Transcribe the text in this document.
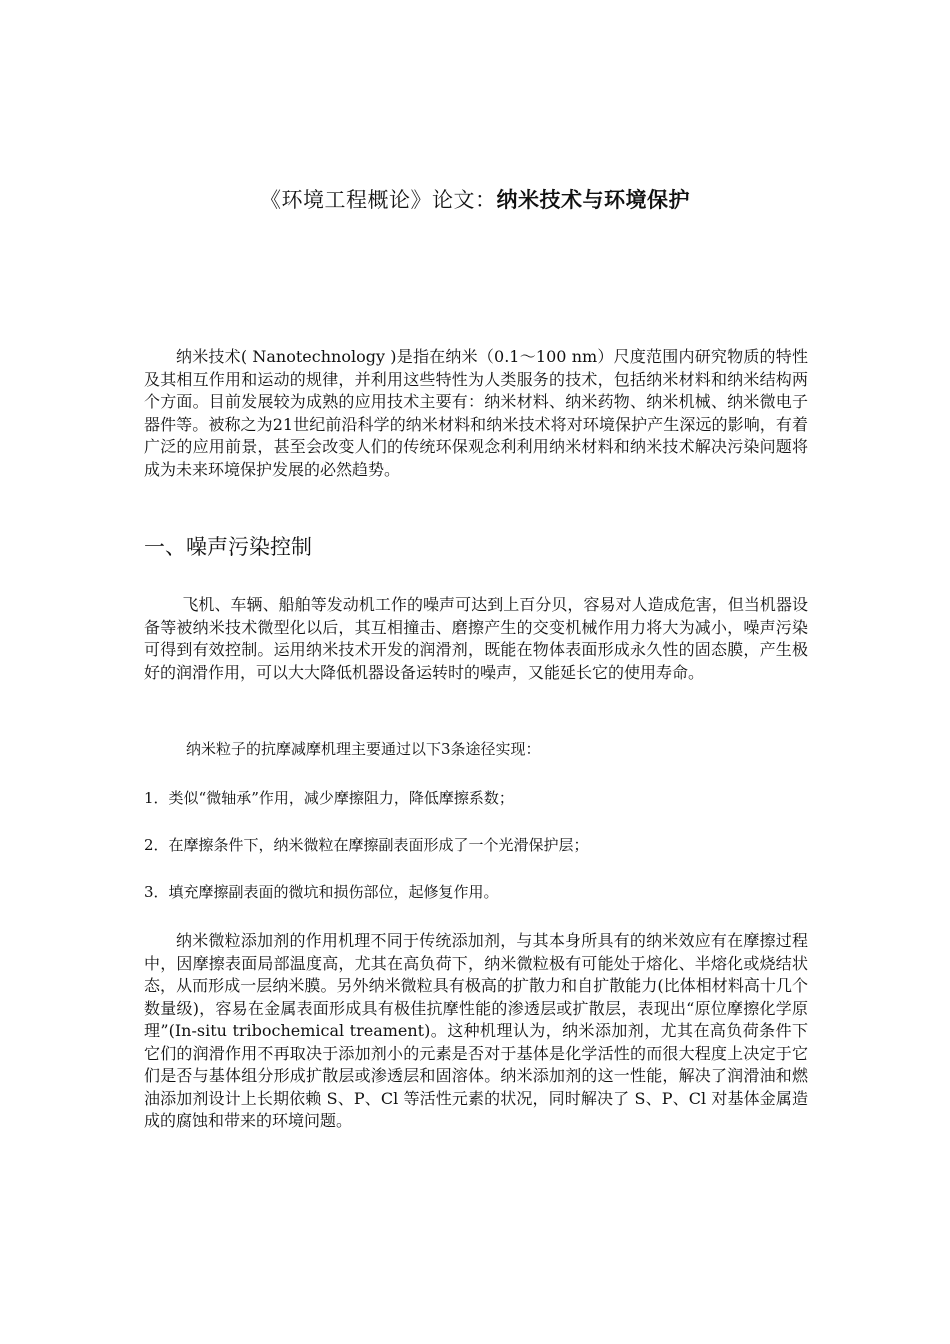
《环境工程概论》论文：纳米技术与环境保护

纳米技术( Nanotechnology )是指在纳米（0.1～100 nm）尺度范围内研究物质的特性及其相互作用和运动的规律，并利用这些特性为人类服务的技术，包括纳米材料和纳米结构两个方面。目前发展较为成熟的应用技术主要有：纳米材料、纳米药物、纳米机械、纳米微电子器件等。被称之为21世纪前沿科学的纳米材料和纳米技术将对环境保护产生深远的影响，有着广泛的应用前景，甚至会改变人们的传统环保观念利利用纳米材料和纳米技术解决污染问题将成为未来环境保护发展的必然趋势。

一、噪声污染控制

飞机、车辆、船舶等发动机工作的噪声可达到上百分贝，容易对人造成危害，但当机器设备等被纳米技术微型化以后，其互相撞击、磨擦产生的交变机械作用力将大为减小，噪声污染可得到有效控制。运用纳米技术开发的润滑剂，既能在物体表面形成永久性的固态膜，产生极好的润滑作用，可以大大降低机器设备运转时的噪声，又能延长它的使用寿命。

纳米粒子的抗摩减摩机理主要通过以下3条途径实现：

1．类似“微轴承”作用，减少摩擦阻力，降低摩擦系数；

2．在摩擦条件下，纳米微粒在摩擦副表面形成了一个光滑保护层；

3．填充摩擦副表面的微坑和损伤部位，起修复作用。

纳米微粒添加剂的作用机理不同于传统添加剂，与其本身所具有的纳米效应有在摩擦过程中，因摩擦表面局部温度高，尤其在高负荷下，纳米微粒极有可能处于熔化、半熔化或烧结状态，从而形成一层纳米膜。另外纳米微粒具有极高的扩散力和自扩散能力(比体相材料高十几个数量级)，容易在金属表面形成具有极佳抗摩性能的渗透层或扩散层，表现出“原位摩擦化学原理”(In-situ tribochemical treament)。这种机理认为，纳米添加剂，尤其在高负荷条件下它们的润滑作用不再取决于添加剂小的元素是否对于基体是化学活性的而很大程度上决定于它们是否与基体组分形成扩散层或渗透层和固溶体。纳米添加剂的这一性能，解决了润滑油和燃油添加剂设计上长期依赖 S、P、Cl 等活性元素的状况，同时解决了 S、P、Cl 对基体金属造成的腐蚀和带来的环境问题。
